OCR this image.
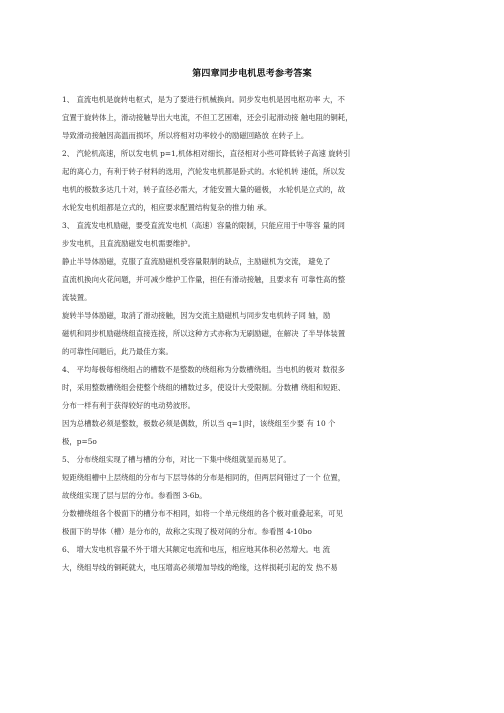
第四章同步电机思考参考答案
1、 直流电机是旋转电枢式，是为了要进行机械换向。同步发电机是因电枢功率 大，不
宜置于旋转体上，滑动接触导出大电流，不但工艺困难，还会引起滑动接 触电阻的铜耗，
导致滑动接触因高温而损坏，所以将相对功率较小的励磁回路放 在转子上。
2、 汽轮机高速，所以发电机 p=1,机体相对细长，直径相对小些可降低转子高速 旋转引
起的离心力，有利于转子材料的选用，汽轮发电机都是卧式的。水轮机转 速低，所以发
电机的极数多达几十对，转子直径必需大，才能安置大量的磁极， 水轮机是立式的，故
水轮发电机组都是立式的，相应要求配置结构复杂的推力轴 承。
3、 直流发电机励磁，要受直流发电机（高速）容量的限制，只能应用于中等容 量的同
步发电机，且直流励磁发电机需要维护。
静止半导体励磁，克服了直流励磁机受容量限制的缺点，主励磁机为交流， 避免了
直流机换向火花问题，并可减少维护工作量，担任有滑动接触，且要求有 可靠性高的整
流装置。
旋转半导体励磁，取消了滑动接触，因为交流主励磁机与同步发电机转子同 轴，励
磁机和同步机励磁绕组直接连接，所以这种方式亦称为无刷励磁，在解决 了半导体装置
的可靠性问题后，此乃最佳方案。
4、 平均每极每相绕组占的槽数不是整数的绕组称为分数槽绕组。当电机的极对 数很多
时，采用整数槽绕组会使整个绕组的槽数过多，使设计大受限制。分数槽 绕组和短距、
分布一样有利于获得较好的电动势波形。
因为总槽数必须是整数，极数必须是偶数，所以当 q=1|时，该绕组至少要 有 10 个
极，p=5o
5、 分布绕组实现了槽与槽的分布，对比一下集中绕组就显而易见了。
短距绕组槽中上层绕组的分布与下层导体的分布是相同的，但两层间错过了一个 位置，
故绕组实现了层与层的分布。参看图 3-6b。
分数槽绕组各个极面下的槽分布不相同，如将一个单元绕组的各个极对重叠起来，可见
极面下的导体（槽）是分布的，故称之实现了极对间的分布。参看图 4-10bo
6、 增大发电机容量不外于增大其额定电流和电压，相应地其体积必然增大。电 流
大，绕组导线的铜耗就大，电压增高必须增加导线的绝缘，这样损耗引起的发 热不易
